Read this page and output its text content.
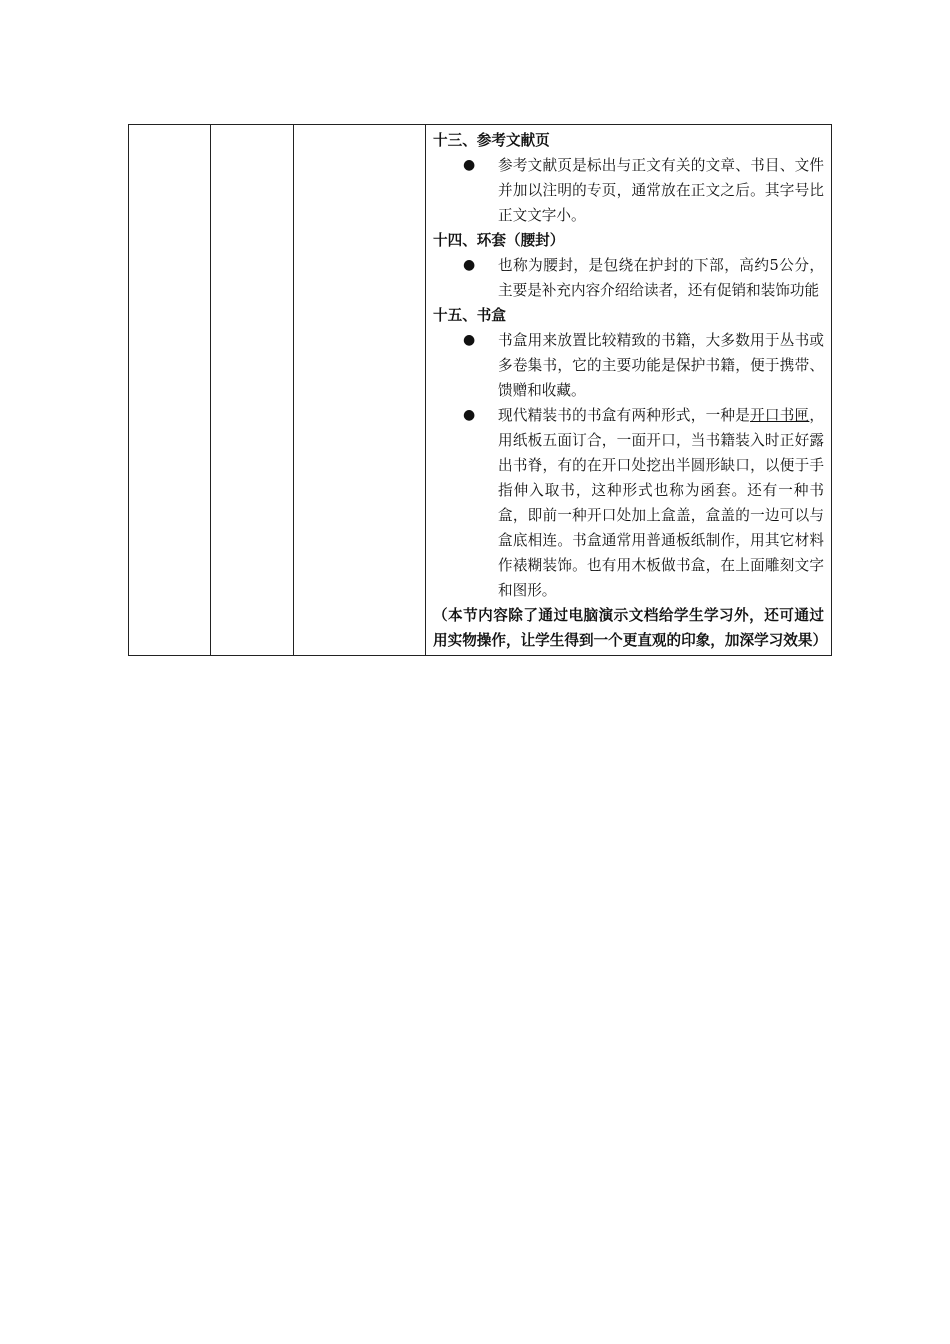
十三、参考文献页

● 参考文献页是标出与正文有关的文章、书目、文件并加以注明的专页，通常放在正文之后。其字号比正文文字小。

十四、环套（腰封）

● 也称为腰封，是包绕在护封的下部，高约5公分，主要是补充内容介绍给读者，还有促销和装饰功能

十五、书盒

● 书盒用来放置比较精致的书籍，大多数用于丛书或多卷集书，它的主要功能是保护书籍，便于携带、馈赠和收藏。
● 现代精装书的书盒有两种形式，一种是开口书匣，用纸板五面订合，一面开口，当书籍装入时正好露出书脊，有的在开口处挖出半圆形缺口，以便于手指伸入取书，这种形式也称为函套。还有一种书盒，即前一种开口处加上盒盖，盒盖的一边可以与盒底相连。书盒通常用普通板纸制作，用其它材料作裱糊装饰。也有用木板做书盒，在上面雕刻文字和图形。

（本节内容除了通过电脑演示文档给学生学习外，还可通过用实物操作，让学生得到一个更直观的印象，加深学习效果）
